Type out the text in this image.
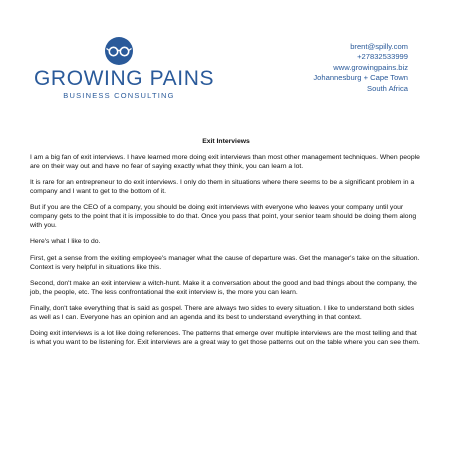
GROWING PAINS
BUSINESS CONSULTING
brent@spilly.com
+27832533999
www.growingpains.biz
Johannesburg + Cape Town
South Africa
Exit Interviews

I am a big fan of exit interviews. I have learned more doing exit interviews than most other management techniques. When people are on their way out and have no fear of saying exactly what they think, you can learn a lot.

It is rare for an entrepreneur to do exit interviews. I only do them in situations where there seems to be a significant problem in a company and I want to get to the bottom of it.

But if you are the CEO of a company, you should be doing exit interviews with everyone who leaves your company until your company gets to the point that it is impossible to do that. Once you pass that point, your senior team should be doing them along with you.

Here's what I like to do.

First, get a sense from the exiting employee's manager what the cause of departure was. Get the manager's take on the situation. Context is very helpful in situations like this.

Second, don't make an exit interview a witch-hunt. Make it a conversation about the good and bad things about the company, the job, the people, etc. The less confrontational the exit interview is, the more you can learn.

Finally, don't take everything that is said as gospel. There are always two sides to every situation. I like to understand both sides as well as I can. Everyone has an opinion and an agenda and its best to understand everything in that context.

Doing exit interviews is a lot like doing references. The patterns that emerge over multiple interviews are the most telling and that is what you want to be listening for. Exit interviews are a great way to get those patterns out on the table where you can see them.
